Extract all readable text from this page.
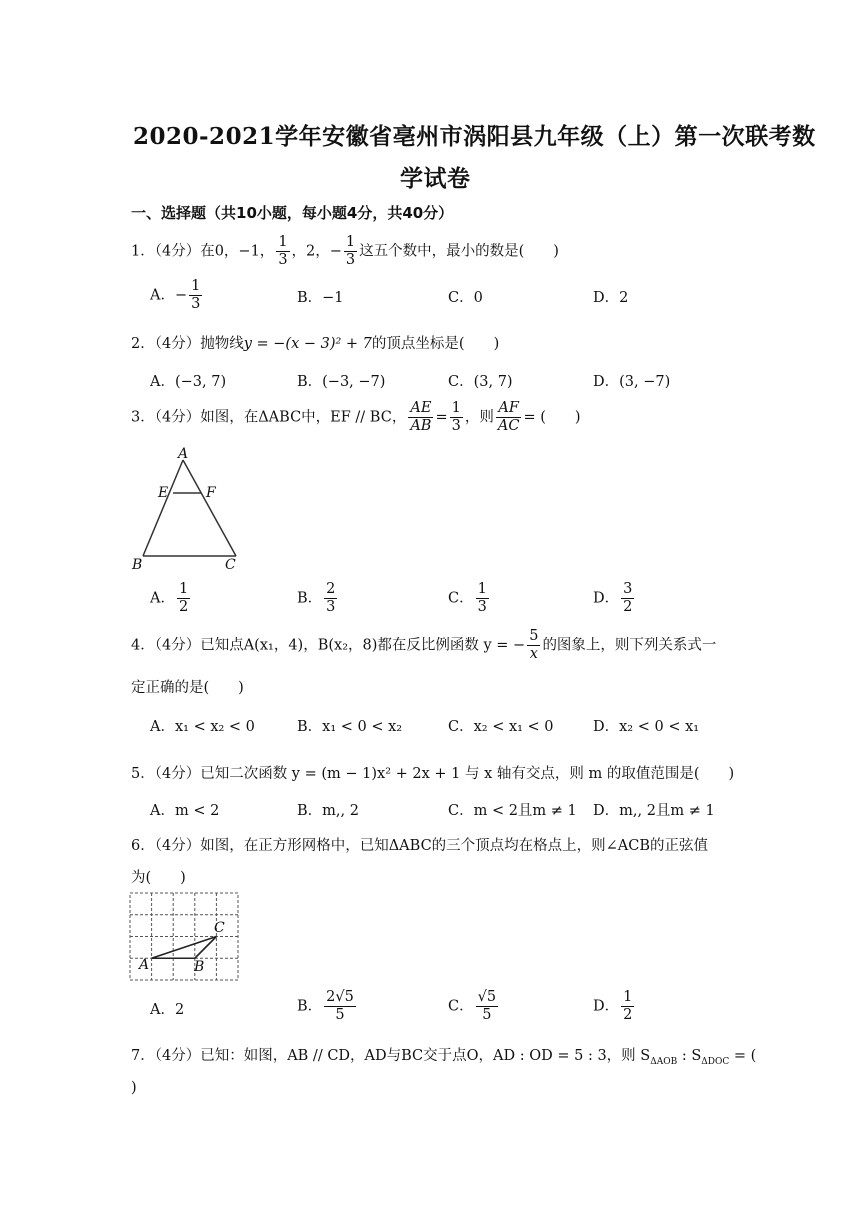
2020-2021学年安徽省亳州市涡阳县九年级（上）第一次联考数
学试卷
一、选择题（共10小题，每小题4分，共40分）
1．（4分）在0，−1， $\frac{1}{3}$ ，2，− $\frac{1}{3}$ 这五个数中，最小的数是(　　)
A．− $\frac{1}{3}$	B．−1	C．0	D．2
2．（4分）抛物线y = −(x − 3)² + 7的顶点坐标是(　　)
A．(−3, 7)	B．(−3, −7)	C．(3, 7)	D．(3, −7)
3．（4分）如图，在ΔABC中，EF // BC， $\frac{AE}{AB} = \frac{1}{3}$ ，则 $\frac{AF}{AC}$ = (　　)
A
E	F
B	C
A． $\frac{1}{2}$	B． $\frac{2}{3}$	C． $\frac{1}{3}$	D． $\frac{3}{2}$
4．（4分）已知点A(x₁，4)，B(x₂，8)都在反比例函数 y = − $\frac{5}{x}$ 的图象上，则下列关系式一
定正确的是(　　)
A．x₁ < x₂ < 0	B．x₁ < 0 < x₂	C．x₂ < x₁ < 0	D．x₂ < 0 < x₁
5．（4分）已知二次函数 y = (m − 1)x² + 2x + 1 与 x 轴有交点，则 m 的取值范围是(　　)
A．m < 2	B．m,, 2	C．m < 2且m ≠ 1 D．m,, 2且m ≠ 1
6．（4分）如图，在正方形网格中，已知ΔABC的三个顶点均在格点上，则∠ACB的正弦值
为(　　)
A	B
C
A．2	B． $\frac{2√5}{5}$	C． $\frac{√5}{5}$	D． $\frac{1}{2}$
7．（4分）已知：如图，AB // CD，AD与BC交于点O，AD : OD = 5 : 3，则 $S_{\Delta AOB}$ : $S_{\Delta DOC}$ = (
)
